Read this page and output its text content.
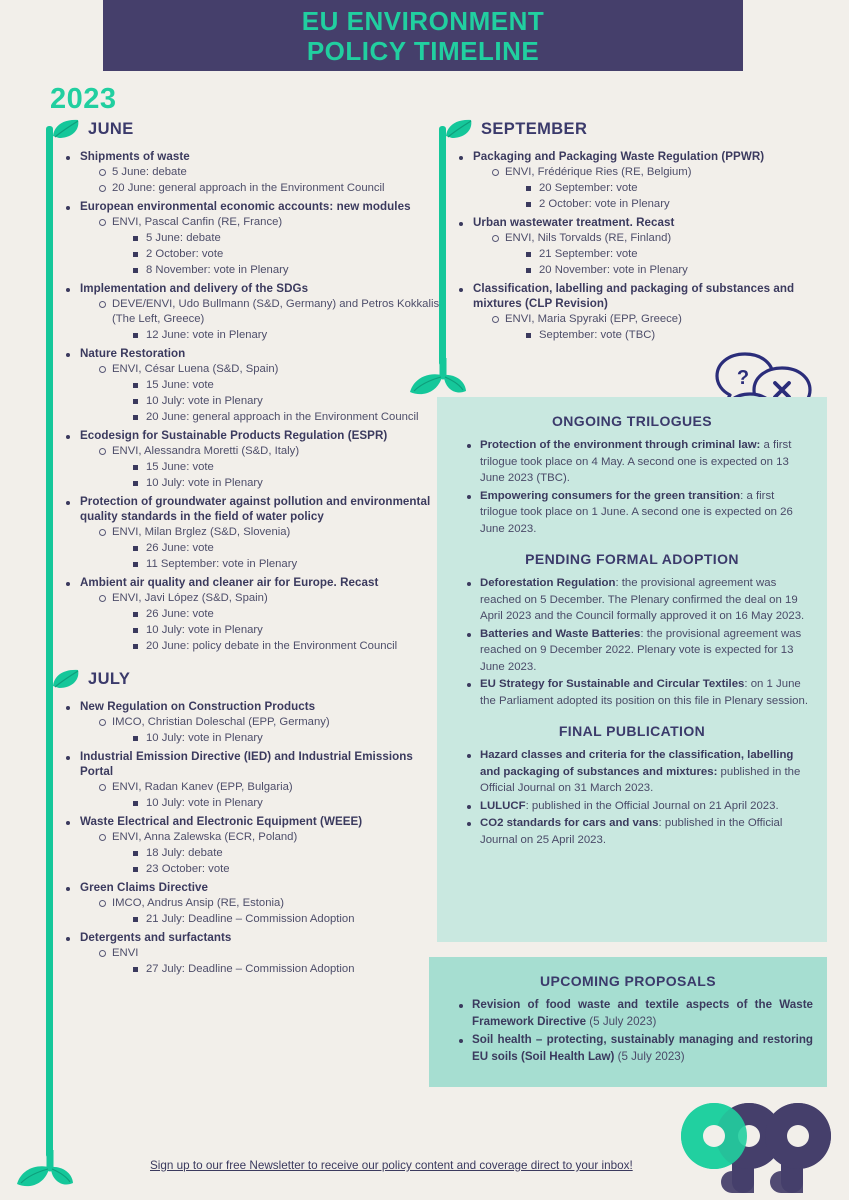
EU ENVIRONMENT
POLICY TIMELINE
2023
JUNE
Shipments of waste
5 June: debate
20 June: general approach in the Environment Council
European environmental economic accounts: new modules
ENVI, Pascal Canfin (RE, France)
5 June: debate
2 October: vote
8 November: vote in Plenary
Implementation and delivery of the SDGs
DEVE/ENVI, Udo Bullmann (S&D, Germany) and Petros Kokkalis (The Left, Greece)
12 June: vote in Plenary
Nature Restoration
ENVI, César Luena (S&D, Spain)
15 June: vote
10 July: vote in Plenary
20 June: general approach in the Environment Council
Ecodesign for Sustainable Products Regulation (ESPR)
ENVI, Alessandra Moretti (S&D, Italy)
15 June: vote
10 July: vote in Plenary
Protection of groundwater against pollution and environmental quality standards in the field of water policy
ENVI, Milan Brglez (S&D, Slovenia)
26 June: vote
11 September: vote in Plenary
Ambient air quality and cleaner air for Europe. Recast
ENVI, Javi López (S&D, Spain)
26 June: vote
10 July: vote in Plenary
20 June: policy debate in the Environment Council
JULY
New Regulation on Construction Products
IMCO, Christian Doleschal (EPP, Germany)
10 July: vote in Plenary
Industrial Emission Directive (IED) and Industrial Emissions Portal
ENVI, Radan Kanev (EPP, Bulgaria)
10 July: vote in Plenary
Waste Electrical and Electronic Equipment (WEEE)
ENVI, Anna Zalewska (ECR, Poland)
18 July: debate
23 October: vote
Green Claims Directive
IMCO, Andrus Ansip (RE, Estonia)
21 July: Deadline – Commission Adoption
Detergents and surfactants
ENVI
27 July: Deadline – Commission Adoption
SEPTEMBER
Packaging and Packaging Waste Regulation (PPWR)
ENVI, Frédérique Ries (RE, Belgium)
20 September: vote
2 October: vote in Plenary
Urban wastewater treatment. Recast
ENVI, Nils Torvalds (RE, Finland)
21 September: vote
20 November: vote in Plenary
Classification, labelling and packaging of substances and mixtures (CLP Revision)
ENVI, Maria Spyraki (EPP, Greece)
September: vote (TBC)
?
ONGOING TRILOGUES
Protection of the environment through criminal law: a first trilogue took place on 4 May. A second one is expected on 13 June 2023 (TBC).
Empowering consumers for the green transition: a first trilogue took place on 1 June. A second one is expected on 26 June 2023.
PENDING FORMAL ADOPTION
Deforestation Regulation: the provisional agreement was reached on 5 December. The Plenary confirmed the deal on 19 April 2023 and the Council formally approved it on 16 May 2023.
Batteries and Waste Batteries: the provisional agreement was reached on 9 December 2022. Plenary vote is expected for 13 June 2023.
EU Strategy for Sustainable and Circular Textiles: on 1 June the Parliament adopted its position on this file in Plenary session.
FINAL PUBLICATION
Hazard classes and criteria for the classification, labelling and packaging of substances and mixtures: published in the Official Journal on 31 March 2023.
LULUCF: published in the Official Journal on 21 April 2023.
CO2 standards for cars and vans: published in the Official Journal on 25 April 2023.
UPCOMING PROPOSALS
Revision of food waste and textile aspects of the Waste Framework Directive (5 July 2023)
Soil health – protecting, sustainably managing and restoring EU soils (Soil Health Law) (5 July 2023)
Sign up to our free Newsletter to receive our policy content and coverage direct to your inbox!
